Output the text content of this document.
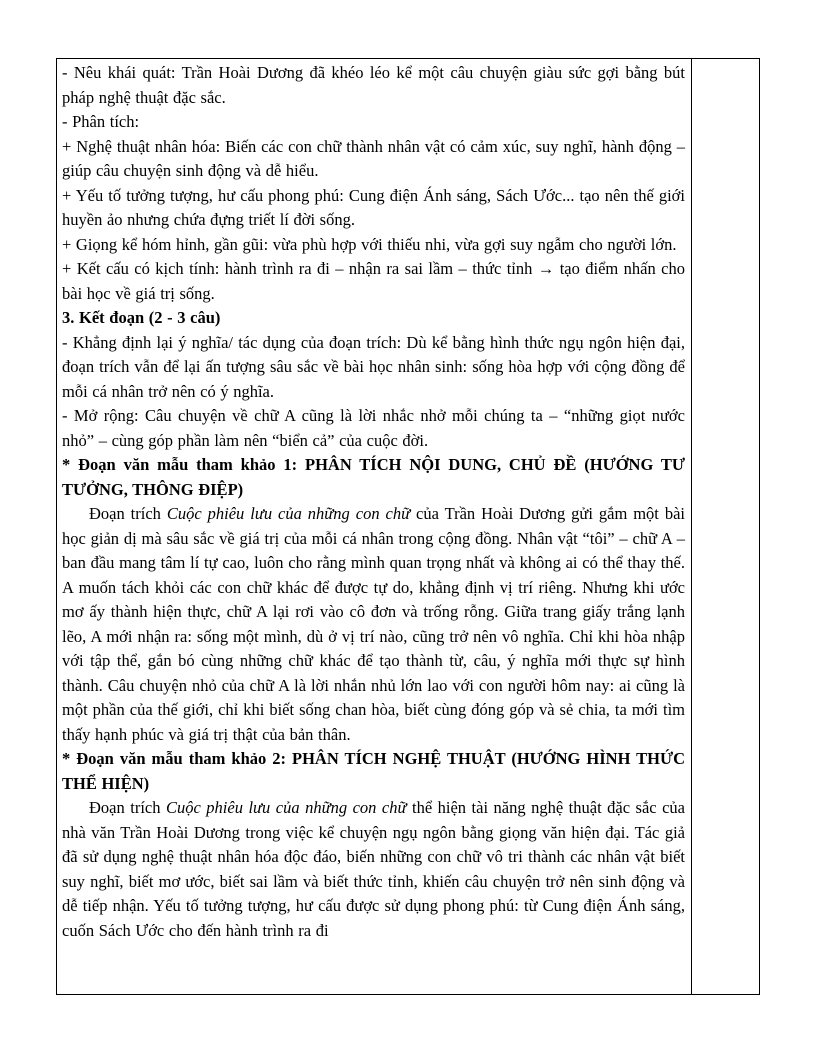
- Nêu khái quát: Trần Hoài Dương đã khéo léo kể một câu chuyện giàu sức gợi bằng bút pháp nghệ thuật đặc sắc.

- Phân tích:

+ Nghệ thuật nhân hóa: Biến các con chữ thành nhân vật có cảm xúc, suy nghĩ, hành động – giúp câu chuyện sinh động và dễ hiểu.

+ Yếu tố tưởng tượng, hư cấu phong phú: Cung điện Ánh sáng, Sách Ước... tạo nên thế giới huyền ảo nhưng chứa đựng triết lí đời sống.

+ Giọng kể hóm hỉnh, gần gũi: vừa phù hợp với thiếu nhi, vừa gợi suy ngẫm cho người lớn.

+ Kết cấu có kịch tính: hành trình ra đi – nhận ra sai lầm – thức tỉnh → tạo điểm nhấn cho bài học về giá trị sống.

3. Kết đoạn (2 - 3 câu)

- Khẳng định lại ý nghĩa/ tác dụng của đoạn trích: Dù kể bằng hình thức ngụ ngôn hiện đại, đoạn trích vẫn để lại ấn tượng sâu sắc về bài học nhân sinh: sống hòa hợp với cộng đồng để mỗi cá nhân trở nên có ý nghĩa.

- Mở rộng: Câu chuyện về chữ A cũng là lời nhắc nhở mỗi chúng ta – “những giọt nước nhỏ” – cùng góp phần làm nên “biển cả” của cuộc đời.

* Đoạn văn mẫu tham khảo 1: PHÂN TÍCH NỘI DUNG, CHỦ ĐỀ (HƯỚNG TƯ TƯỞNG, THÔNG ĐIỆP)

Đoạn trích Cuộc phiêu lưu của những con chữ của Trần Hoài Dương gửi gắm một bài học giản dị mà sâu sắc về giá trị của mỗi cá nhân trong cộng đồng. Nhân vật “tôi” – chữ A – ban đầu mang tâm lí tự cao, luôn cho rằng mình quan trọng nhất và không ai có thể thay thế. A muốn tách khỏi các con chữ khác để được tự do, khẳng định vị trí riêng. Nhưng khi ước mơ ấy thành hiện thực, chữ A lại rơi vào cô đơn và trống rỗng. Giữa trang giấy trắng lạnh lẽo, A mới nhận ra: sống một mình, dù ở vị trí nào, cũng trở nên vô nghĩa. Chỉ khi hòa nhập với tập thể, gắn bó cùng những chữ khác để tạo thành từ, câu, ý nghĩa mới thực sự hình thành. Câu chuyện nhỏ của chữ A là lời nhắn nhủ lớn lao với con người hôm nay: ai cũng là một phần của thế giới, chỉ khi biết sống chan hòa, biết cùng đóng góp và sẻ chia, ta mới tìm thấy hạnh phúc và giá trị thật của bản thân.

* Đoạn văn mẫu tham khảo 2: PHÂN TÍCH NGHỆ THUẬT (HƯỚNG HÌNH THỨC THỂ HIỆN)

Đoạn trích Cuộc phiêu lưu của những con chữ thể hiện tài năng nghệ thuật đặc sắc của nhà văn Trần Hoài Dương trong việc kể chuyện ngụ ngôn bằng giọng văn hiện đại. Tác giả đã sử dụng nghệ thuật nhân hóa độc đáo, biến những con chữ vô tri thành các nhân vật biết suy nghĩ, biết mơ ước, biết sai lầm và biết thức tỉnh, khiến câu chuyện trở nên sinh động và dễ tiếp nhận. Yếu tố tưởng tượng, hư cấu được sử dụng phong phú: từ Cung điện Ánh sáng, cuốn Sách Ước cho đến hành trình ra đi
